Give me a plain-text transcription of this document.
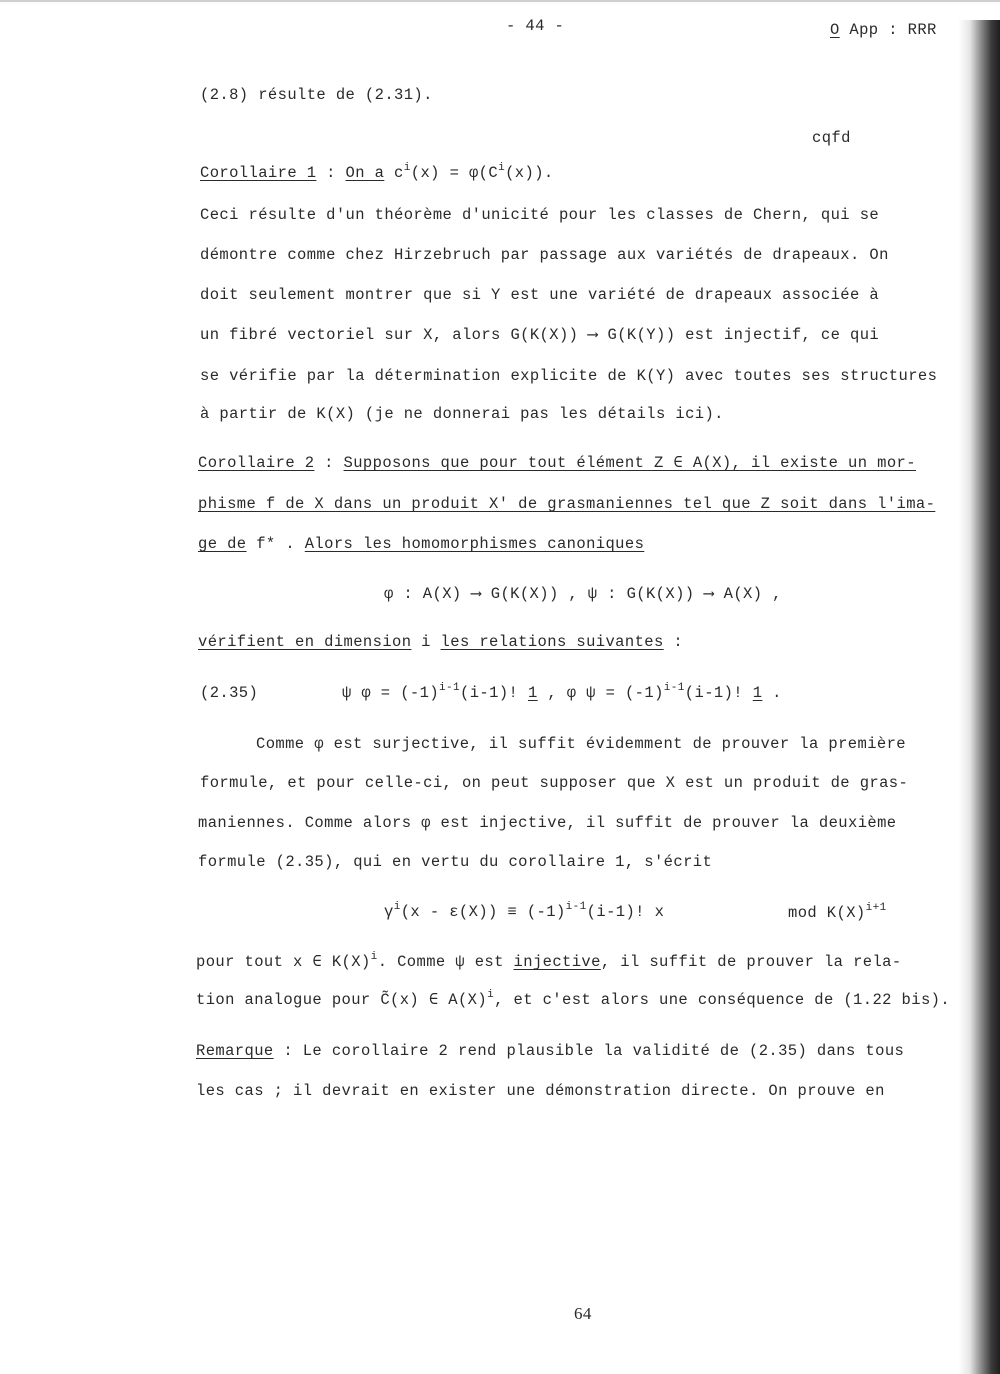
- 44 -	O App : RRR
(2.8) résulte de (2.31).
cqfd
Corollaire 1 : On a $c^i(x) = \varphi(C^i(x))$.
Ceci résulte d'un théorème d'unicité pour les classes de Chern, qui se
démontre comme chez Hirzebruch par passage aux variétés de drapeaux. On
doit seulement montrer que si Y est une variété de drapeaux associée à
un fibré vectoriel sur X, alors G(K(X)) ⟶ G(K(Y)) est injectif, ce qui
se vérifie par la détermination explicite de K(Y) avec toutes ses structures
à partir de K(X) (je ne donnerai pas les détails ici).
Corollaire 2 : Supposons que pour tout élément Z ∈ A(X), il existe un mor-
phisme f de X dans un produit X' de grasmaniennes tel que Z soit dans l'ima-
ge de f* . Alors les homomorphismes canoniques
φ : A(X) ⟶ G(K(X)) , ψ : G(K(X)) ⟶ A(X) ,
vérifient en dimension i les relations suivantes :
(2.35)	ψ $\varphi = (-1)^{i-1}(i-1)$! 1 , φ $\psi = (-1)^{i-1}(i-1)$! 1 .
Comme φ est surjective, il suffit évidemment de prouver la première
formule, et pour celle-ci, on peut supposer que X est un produit de gras-
maniennes. Comme alors φ est injective, il suffit de prouver la deuxième
formule (2.35), qui en vertu du corollaire 1, s'écrit
$\gamma^i(x - \varepsilon(X)) \equiv (-1)^{i-1}(i-1)$! x	mod $K(X)^{i+1}$
pour tout x ∈ $K(X)^i$. Comme ψ est injective, il suffit de prouver la rela-
tion analogue pour C̃(x) ∈ $A(X)^i$, et c'est alors une conséquence de (1.22 bis).
Remarque : Le corollaire 2 rend plausible la validité de (2.35) dans tous
les cas ; il devrait en exister une démonstration directe. On prouve en
64
